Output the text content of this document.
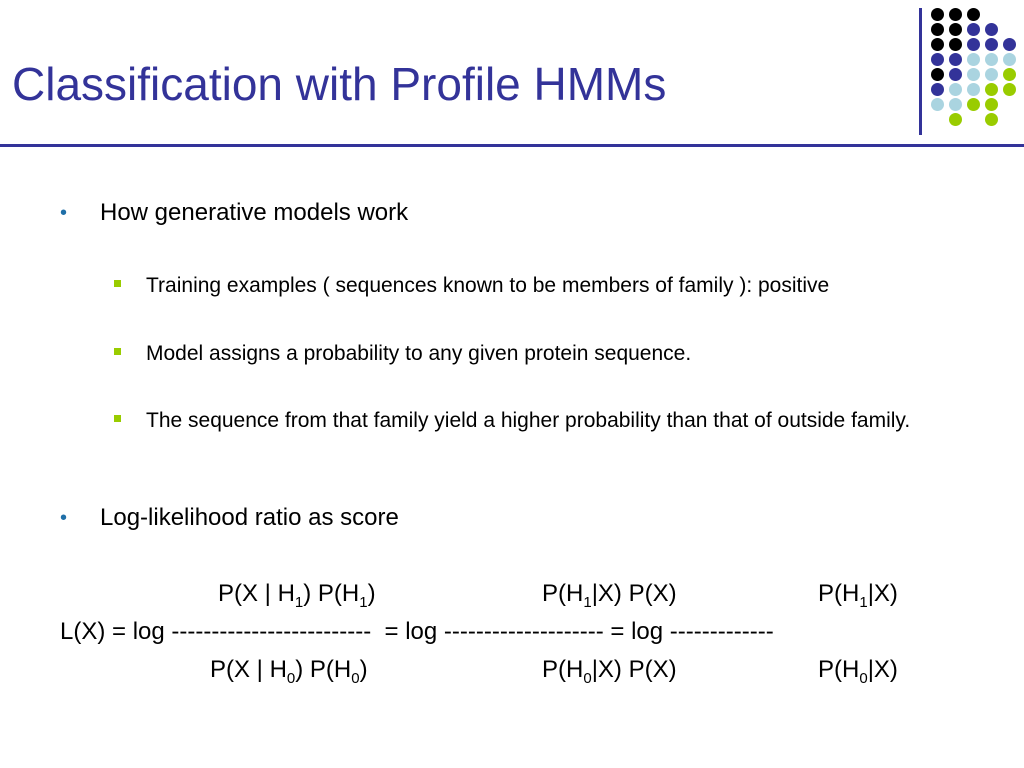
Classification with Profile HMMs
• How generative models work
Training examples ( sequences known to be members of family ): positive
Model assigns a probability to any given protein sequence.
The sequence from that family yield a higher probability than that of outside family.
• Log-likelihood ratio as score
P(X | $H_1$) $P(H_1)$	$P(H_1|X)$ P(X)	$P(H_1|X)$
L(X) = log -------------------------  = log -------------------- = log -------------
P(X | $H_0$) $P(H_0)$	$P(H_0|X)$ P(X)	$P(H_0|X)$
